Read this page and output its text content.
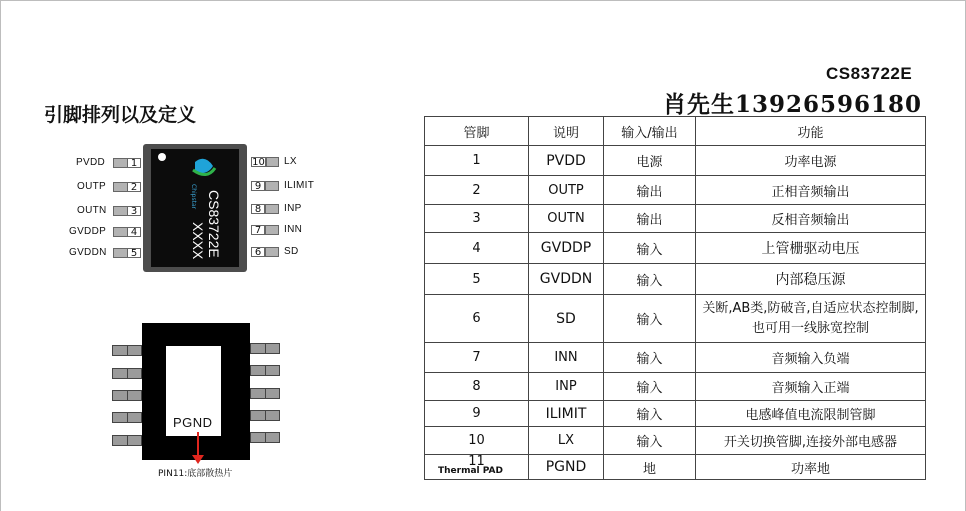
CS83722E
肖先生13926596180
引脚排列以及定义
Chipstar CS83722E
XXXX
PVDD	1
OUTP	2
OUTN	3
GVDDP	4
GVDDN	5
10 LX
9	ILIMIT
8	INP
7	INN
6	SD
PGND
PIN11:底部散热片
管脚	说明	输入/输出	功能
1	PVDD	电源	功率电源
2	OUTP	输出	正相音频输出
3	OUTN	输出	反相音频输出
4	GVDDP	输入	上管栅驱动电压
5	GVDDN	输入	内部稳压源
6	SD	输入	关断,AB类,防破音,自适应状态控制脚,也可用一线脉宽控制
7	INN	输入	音频输入负端
8	INP	输入	音频输入正端
9	ILIMIT	输入	电感峰值电流限制管脚
10	LX	输入	开关切换管脚,连接外部电感器
11	PGND	地	功率地
Thermal PAD
